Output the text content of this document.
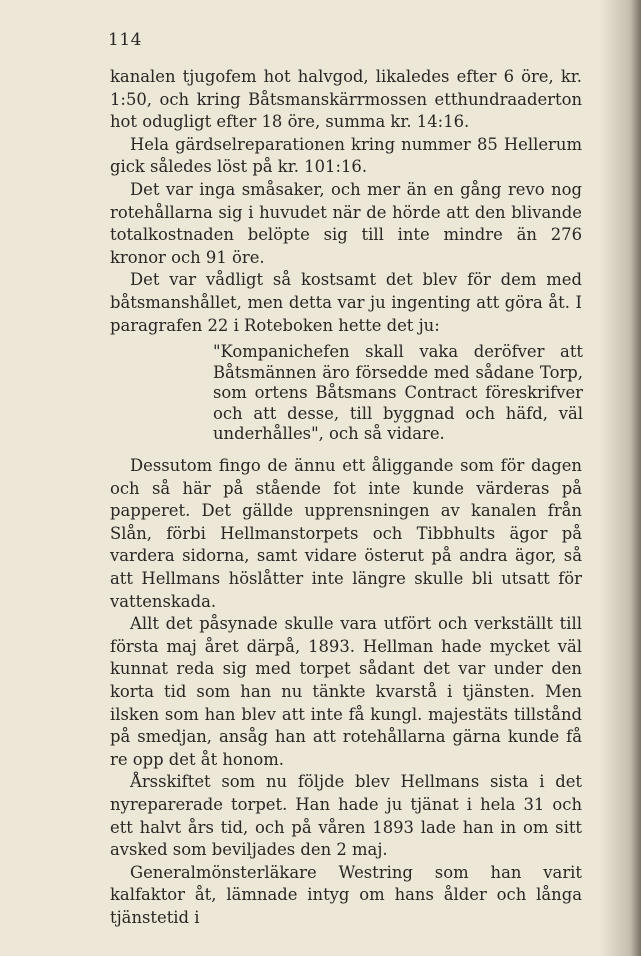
114

kanalen tjugofem hot halvgod, likaledes efter 6 öre, kr. 1:50, och kring Båtsmanskärrmossen etthundraaderton hot odugligt efter 18 öre, summa kr. 14:16.

Hela gärdselreparationen kring nummer 85 Hellerum gick således löst på kr. 101:16.

Det var inga småsaker, och mer än en gång revo nog rotehållarna sig i huvudet när de hörde att den blivande totalkostnaden belöpte sig till inte mindre än 276 kronor och 91 öre.

Det var vådligt så kostsamt det blev för dem med båtsmanshållet, men detta var ju ingenting att göra åt. I paragrafen 22 i Roteboken hette det ju:

"Kompanichefen skall vaka deröfver att Båtsmännen äro försedde med sådane Torp, som ortens Båtsmans Contract föreskrifver och att desse, till byggnad och häfd, väl underhålles", och så vidare.

Dessutom fingo de ännu ett åliggande som för dagen och så här på stående fot inte kunde värderas på papperet. Det gällde upprensningen av kanalen från Slån, förbi Hellmanstorpets och Tibbhults ägor på vardera sidorna, samt vidare österut på andra ägor, så att Hellmans höslåtter inte längre skulle bli utsatt för vattenskada.

Allt det påsynade skulle vara utfört och verkställt till första maj året därpå, 1893. Hellman hade mycket väl kunnat reda sig med torpet sådant det var under den korta tid som han nu tänkte kvarstå i tjänsten. Men ilsken som han blev att inte få kungl. majestäts tillstånd på smedjan, ansåg han att rotehållarna gärna kunde få re opp det åt honom.

Årsskiftet som nu följde blev Hellmans sista i det nyreparerade torpet. Han hade ju tjänat i hela 31 och ett halvt års tid, och på våren 1893 lade han in om sitt avsked som beviljades den 2 maj.

Generalmönsterläkare Westring som han varit kalfaktor åt, lämnade intyg om hans ålder och långa tjänstetid i
